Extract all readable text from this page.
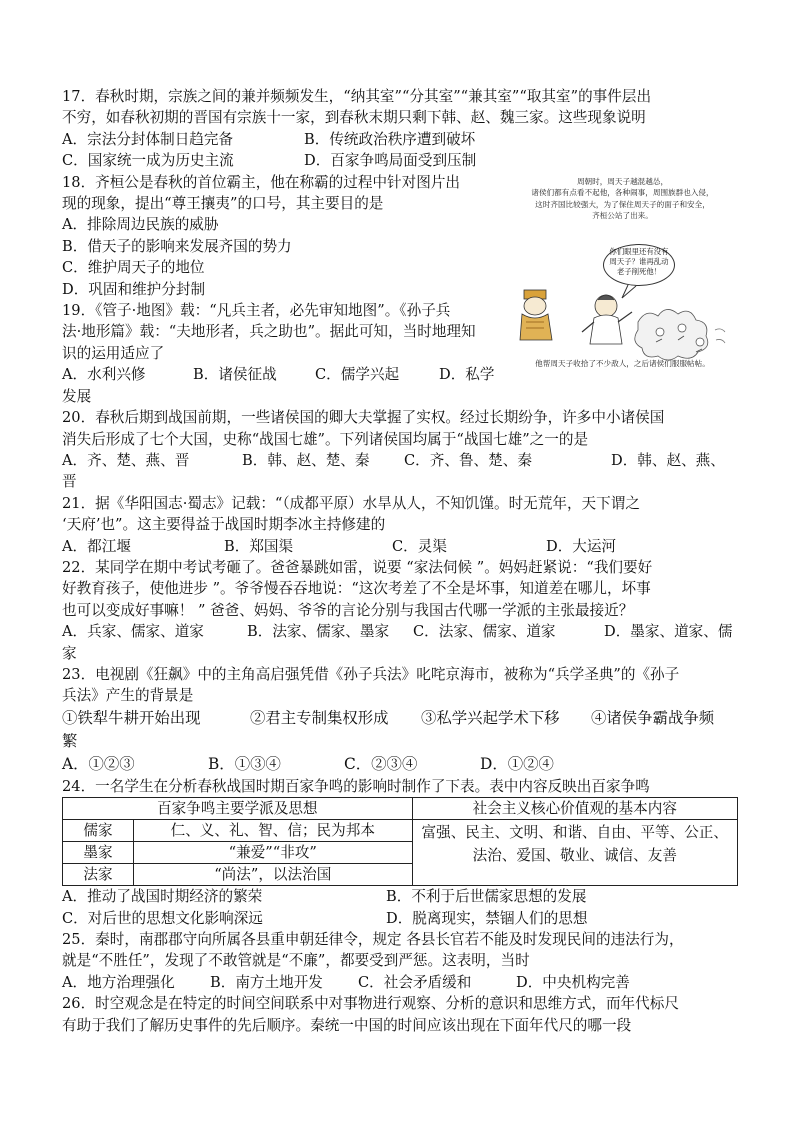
17．春秋时期，宗族之间的兼并频频发生，“纳其室”“分其室”“兼其室”“取其室”的事件层出
不穷，如春秋初期的晋国有宗族十一家，到春秋末期只剩下韩、赵、魏三家。这些现象说明
A．宗法分封体制日趋完备	B．传统政治秩序遭到破坏
C．国家统一成为历史主流	D．百家争鸣局面受到压制
周朝时，周天子越混越怂，
诸侯们都有点看不起他，各种闹事，周围族群也入侵，
这时齐国比较强大，为了保住周天子的面子和安全，
齐桓公站了出来。
你们眼里还有没有
周天子？谁再乱动
老子削死他！
他帮周天子收拾了不少敌人，之后诸侯们服服帖帖。
18．齐桓公是春秋的首位霸主，他在称霸的过程中针对图片出
现的现象，提出“尊王攘夷”的口号，其主要目的是
A．排除周边民族的威胁
B．借天子的影响来发展齐国的势力
C．维护周天子的地位
D．巩固和维护分封制
19．《管子·地图》载：“凡兵主者，必先审知地图”。《孙子兵
法·地形篇》载：“夫地形者，兵之助也”。据此可知，当时地理知
识的运用适应了
A．水利兴修	B．诸侯征战	C．儒学兴起	D．私学
发展
20．春秋后期到战国前期，一些诸侯国的卿大夫掌握了实权。经过长期纷争，许多中小诸侯国
消失后形成了七个大国，史称“战国七雄”。下列诸侯国均属于“战国七雄”之一的是
A．齐、楚、燕、晋	B．韩、赵、楚、秦	C．齐、鲁、楚、秦	D．韩、赵、燕、
晋
21．据《华阳国志·蜀志》记载：“（成都平原）水旱从人，不知饥馑。时无荒年，天下谓之
‘天府’也”。这主要得益于战国时期李冰主持修建的
A．都江堰	B．郑国渠	C．灵渠	D．大运河
22．某同学在期中考试考砸了。爸爸暴跳如雷，说要 “家法伺候 ”。妈妈赶紧说：“我们要好
好教育孩子，使他进步 ”。爷爷慢吞吞地说：“这次考差了不全是坏事，知道差在哪儿，坏事
也可以变成好事嘛！ ” 爸爸、妈妈、爷爷的言论分别与我国古代哪一学派的主张最接近？
A．兵家、儒家、道家	B．法家、儒家、墨家	C．法家、儒家、道家	D．墨家、道家、儒
家
23．电视剧《狂飙》中的主角高启强凭借《孙子兵法》叱咤京海市，被称为“兵学圣典”的《孙子
兵法》产生的背景是
①铁犁牛耕开始出现	②君主专制集权形成	③私学兴起学术下移	④诸侯争霸战争频
繁
A．①②③	B．①③④	C．②③④	D．①②④
24．一名学生在分析春秋战国时期百家争鸣的影响时制作了下表。表中内容反映出百家争鸣
百家争鸣主要学派及思想		社会主义核心价值观的基本内容
儒家	仁、义、礼、智、信；民为邦本	富强、民主、文明、和谐、自由、平等、公正、
法治、爱国、敬业、诚信、友善

墨家	“兼爱”“非攻”	
法家	“尚法”，以法治国	
A．推动了战国时期经济的繁荣	B．不利于后世儒家思想的发展
C．对后世的思想文化影响深远	D．脱离现实，禁锢人们的思想
25．秦时，南郡郡守向所属各县重申朝廷律令，规定 各县长官若不能及时发现民间的违法行为，
就是“不胜任”，发现了不敢管就是“不廉”，都要受到严惩。这表明，当时
A．地方治理强化	B．南方土地开发	C．社会矛盾缓和	D．中央机构完善
26．时空观念是在特定的时间空间联系中对事物进行观察、分析的意识和思维方式，而年代标尺
有助于我们了解历史事件的先后顺序。秦统一中国的时间应该出现在下面年代尺的哪一段
